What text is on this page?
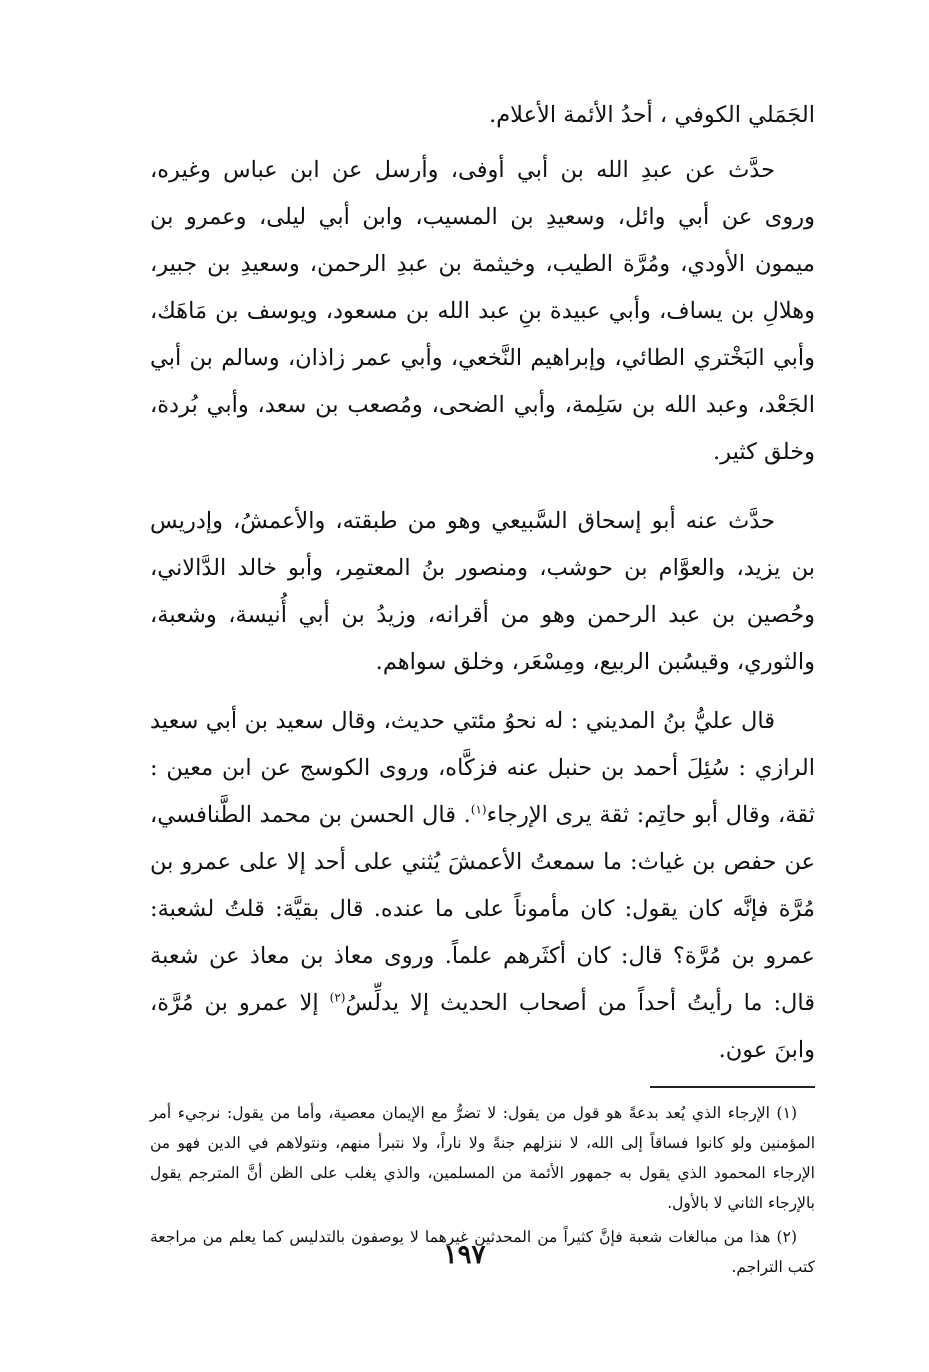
الجَمَلي الكوفي ، أحدُ الأئمة الأعلام.

حدَّث عن عبدِ الله بن أبي أوفى، وأرسل عن ابن عباس وغيره، وروى عن أبي وائل، وسعيدِ بن المسيب، وابن أبي ليلى، وعمرو بن ميمون الأودي، ومُرَّة الطيب، وخيثمة بن عبدِ الرحمن، وسعيدِ بن جبير، وهلالِ بن يساف، وأبي عبيدة بنِ عبد الله بن مسعود، ويوسف بن مَاهَك، وأبي البَخْتري الطائي، وإبراهيم النَّخعي، وأبي عمر زاذان، وسالم بن أبي الجَعْد، وعبد الله بن سَلِمة، وأبي الضحى، ومُصعب بن سعد، وأبي بُردة، وخلق كثير.

حدَّث عنه أبو إسحاق السَّبيعي وهو من طبقته، والأعمشُ، وإدريس بن يزيد، والعوَّام بن حوشب، ومنصور بنُ المعتمِر، وأبو خالد الدَّالاني، وحُصين بن عبد الرحمن وهو من أقرانه، وزيدُ بن أبي أُنيسة، وشعبة، والثوري، وقيسُبن الربيع، ومِسْعَر، وخلق سواهم.

قال عليُّ بنُ المديني : له نحوُ مئتي حديث، وقال سعيد بن أبي سعيد الرازي : سُئِلَ أحمد بن حنبل عنه فزكَّاه، وروى الكوسج عن ابن معين : ثقة، وقال أبو حاتِم: ثقة يرى الإرجاء$^{(١)}$. قال الحسن بن محمد الطَّنافسي، عن حفص بن غياث: ما سمعتُ الأعمشَ يُثني على أحد إلا على عمرو بن مُرَّة فإنَّه كان يقول: كان مأموناً على ما عنده. قال بقيَّة: قلتُ لشعبة: عمرو بن مُرَّة؟ قال: كان أكثَرهم علماً. وروى معاذ بن معاذ عن شعبة قال: ما رأيتُ أحداً من أصحاب الحديث إلا يدلِّسُ$^{(٢)}$ إلا عمرو بن مُرَّة، وابنَ عون.

(١) الإرجاء الذي يُعد بدعةً هو قول من يقول: لا تضرُّ مع الإيمان معصية، وأما من يقول: نرجيء أمر المؤمنين ولو كانوا فساقاً إلى الله، لا ننزلهم جنةً ولا ناراً، ولا نتبرأ منهم، ونتولاهم في الدين فهو من الإرجاء المحمود الذي يقول به جمهور الأئمة من المسلمين، والذي يغلب على الظن أنَّ المترجم يقول بالإرجاء الثاني لا بالأول.

(٢) هذا من مبالغات شعبة فإنَّ كثيراً من المحدثين غيرهما لا يوصفون بالتدليس كما يعلم من مراجعة كتب التراجم.

١٩٧
